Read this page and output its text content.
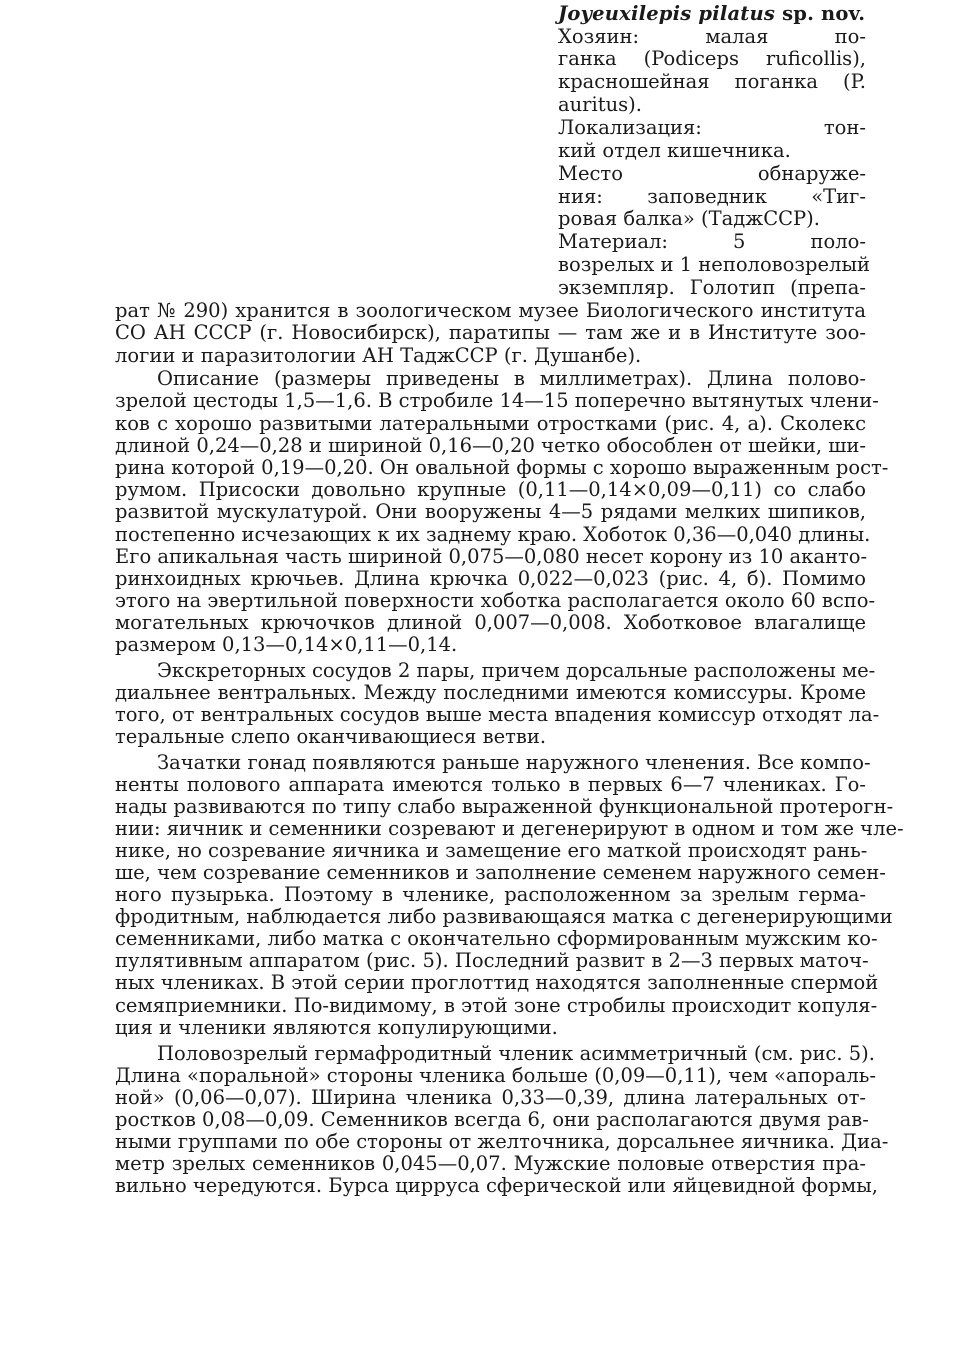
Joyeuxilepis pilatus sp. nov.
Хозяин: малая по-
ганка (Podiceps ruficollis),
красношейная поганка (P.
auritus).
Локализация: тон-
кий отдел кишечника.
Место обнаруже-
ния: заповедник «Тиг-
ровая балка» (ТаджССР).
Материал: 5 поло-
возрелых и 1 неполовозрелый
экземпляр. Голотип (препа-
рат № 290) хранится в зоологическом музее Биологического института
СО АН СССР (г. Новосибирск), паратипы — там же и в Институте зоо-
логии и паразитологии АН ТаджССР (г. Душанбе).
Описание (размеры приведены в миллиметрах). Длина полово-
зрелой цестоды 1,5—1,6. В стробиле 14—15 поперечно вытянутых члени-
ков с хорошо развитыми латеральными отростками (рис. 4, а). Сколекс
длиной 0,24—0,28 и шириной 0,16—0,20 четко обособлен от шейки, ши-
рина которой 0,19—0,20. Он овальной формы с хорошо выраженным рост-
румом. Присоски довольно крупные (0,11—0,14×0,09—0,11) со слабо
развитой мускулатурой. Они вооружены 4—5 рядами мелких шипиков,
постепенно исчезающих к их заднему краю. Хоботок 0,36—0,040 длины.
Его апикальная часть шириной 0,075—0,080 несет корону из 10 аканто-
ринхоидных крючьев. Длина крючка 0,022—0,023 (рис. 4, б). Помимо
этого на эвертильной поверхности хоботка располагается около 60 вспо-
могательных крючочков длиной 0,007—0,008. Хоботковое влагалище
размером 0,13—0,14×0,11—0,14.
Экскреторных сосудов 2 пары, причем дорсальные расположены ме-
диальнее вентральных. Между последними имеются комиссуры. Кроме
того, от вентральных сосудов выше места впадения комиссур отходят ла-
теральные слепо оканчивающиеся ветви.
Зачатки гонад появляются раньше наружного членения. Все компо-
ненты полового аппарата имеются только в первых 6—7 члениках. Го-
нады развиваются по типу слабо выраженной функциональной протерогн-
нии: яичник и семенники созревают и дегенерируют в одном и том же чле-
нике, но созревание яичника и замещение его маткой происходят рань-
ше, чем созревание семенников и заполнение семенем наружного семен-
ного пузырька. Поэтому в членике, расположенном за зрелым гермa-
фродитным, наблюдается либо развивающаяся матка с дегенерирующими
семенниками, либо матка с окончательно сформированным мужским ко-
пулятивным аппаратом (рис. 5). Последний развит в 2—3 первых маточ-
ных члениках. В этой серии проглоттид находятся заполненные спермой
семяприемники. По-видимому, в этой зоне стробилы происходит копуля-
ция и членики являются копулирующими.
Половозрелый гермафродитный членик асимметричный (см. рис. 5).
Длина «поральной» стороны членика больше (0,09—0,11), чем «апораль-
ной» (0,06—0,07). Ширина членика 0,33—0,39, длина латеральных от-
ростков 0,08—0,09. Семенников всегда 6, они располагаются двумя рав-
ными группами по обе стороны от желточника, дорсальнее яичника. Диа-
метр зрелых семенников 0,045—0,07. Мужские половые отверстия пра-
вильно чередуются. Бурса цирруса сферической или яйцевидной формы,
